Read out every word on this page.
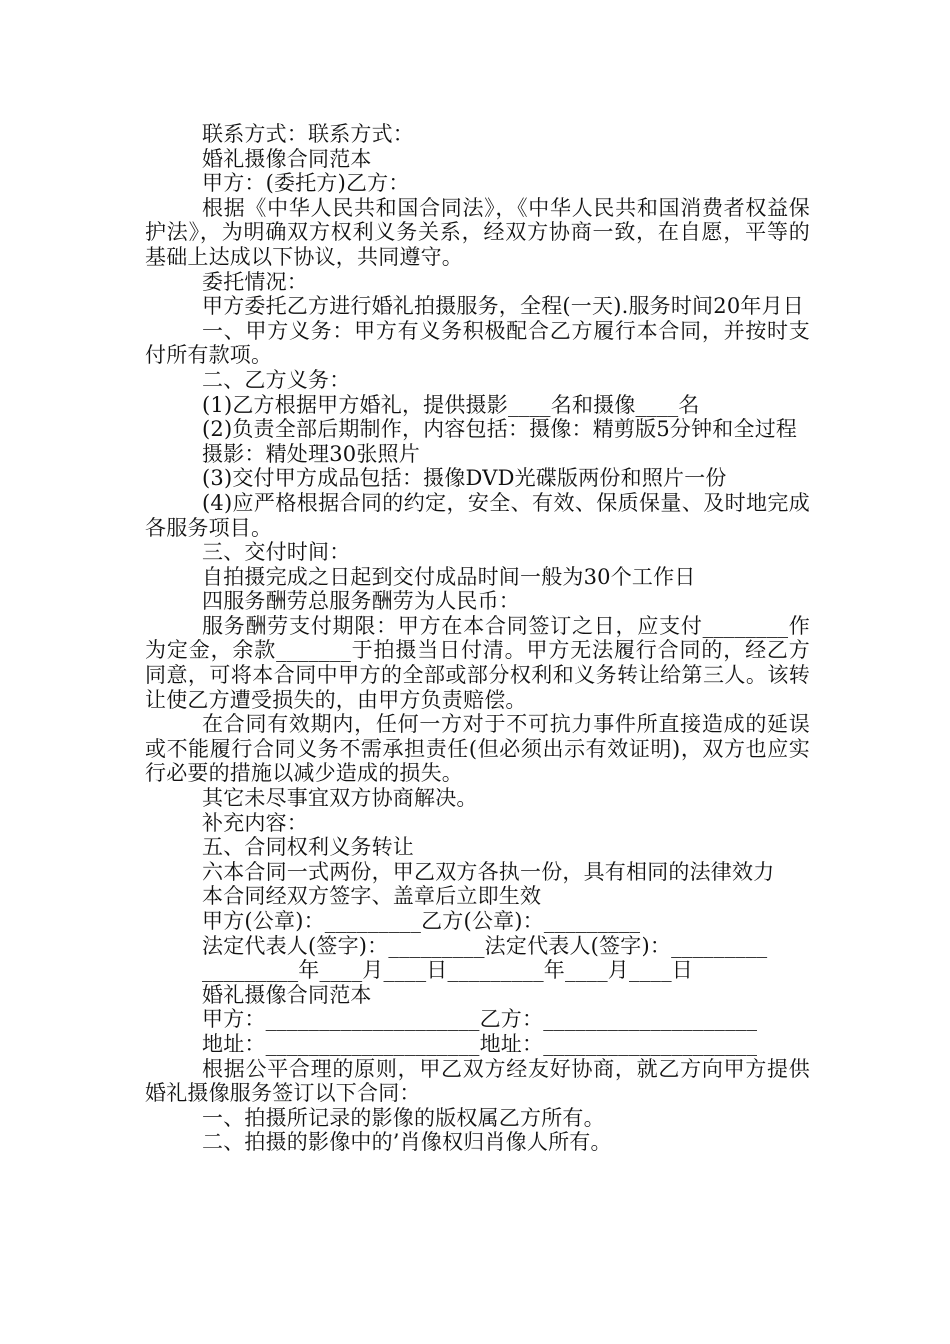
联系方式：联系方式：

婚礼摄像合同范本

甲方：(委托方)乙方：

根据《中华人民共和国合同法》，《中华人民共和国消费者权益保护法》，为明确双方权利义务关系，经双方协商一致，在自愿，平等的基础上达成以下协议，共同遵守。

委托情况：

甲方委托乙方进行婚礼拍摄服务，全程(一天).服务时间20年月日

一、甲方义务：甲方有义务积极配合乙方履行本合同，并按时支付所有款项。

二、乙方义务：

(1)乙方根据甲方婚礼，提供摄影____名和摄像____名

(2)负责全部后期制作，内容包括：摄像：精剪版5分钟和全过程

摄影：精处理30张照片

(3)交付甲方成品包括：摄像DVD光碟版两份和照片一份

(4)应严格根据合同的约定，安全、有效、保质保量、及时地完成各服务项目。

三、交付时间：

自拍摄完成之日起到交付成品时间一般为30个工作日

四服务酬劳总服务酬劳为人民币：

服务酬劳支付期限：甲方在本合同签订之日，应支付________作为定金，余款_______于拍摄当日付清。甲方无法履行合同的，经乙方同意，可将本合同中甲方的全部或部分权利和义务转让给第三人。该转让使乙方遭受损失的，由甲方负责赔偿。

在合同有效期内，任何一方对于不可抗力事件所直接造成的延误或不能履行合同义务不需承担责任(但必须出示有效证明)，双方也应实行必要的措施以减少造成的损失。

其它未尽事宜双方协商解决。

补充内容：

五、合同权利义务转让

六本合同一式两份，甲乙双方各执一份，具有相同的法律效力

本合同经双方签字、盖章后立即生效

甲方(公章)：_________乙方(公章)：_________

法定代表人(签字)：_________法定代表人(签字)：_________

_________年____月____日_________年____月____日

婚礼摄像合同范本

甲方：____________________乙方：____________________

地址：____________________地址：____________________

根据公平合理的原则，甲乙双方经友好协商，就乙方向甲方提供婚礼摄像服务签订以下合同：

一、拍摄所记录的影像的版权属乙方所有。

二、拍摄的影像中的’肖像权归肖像人所有。
